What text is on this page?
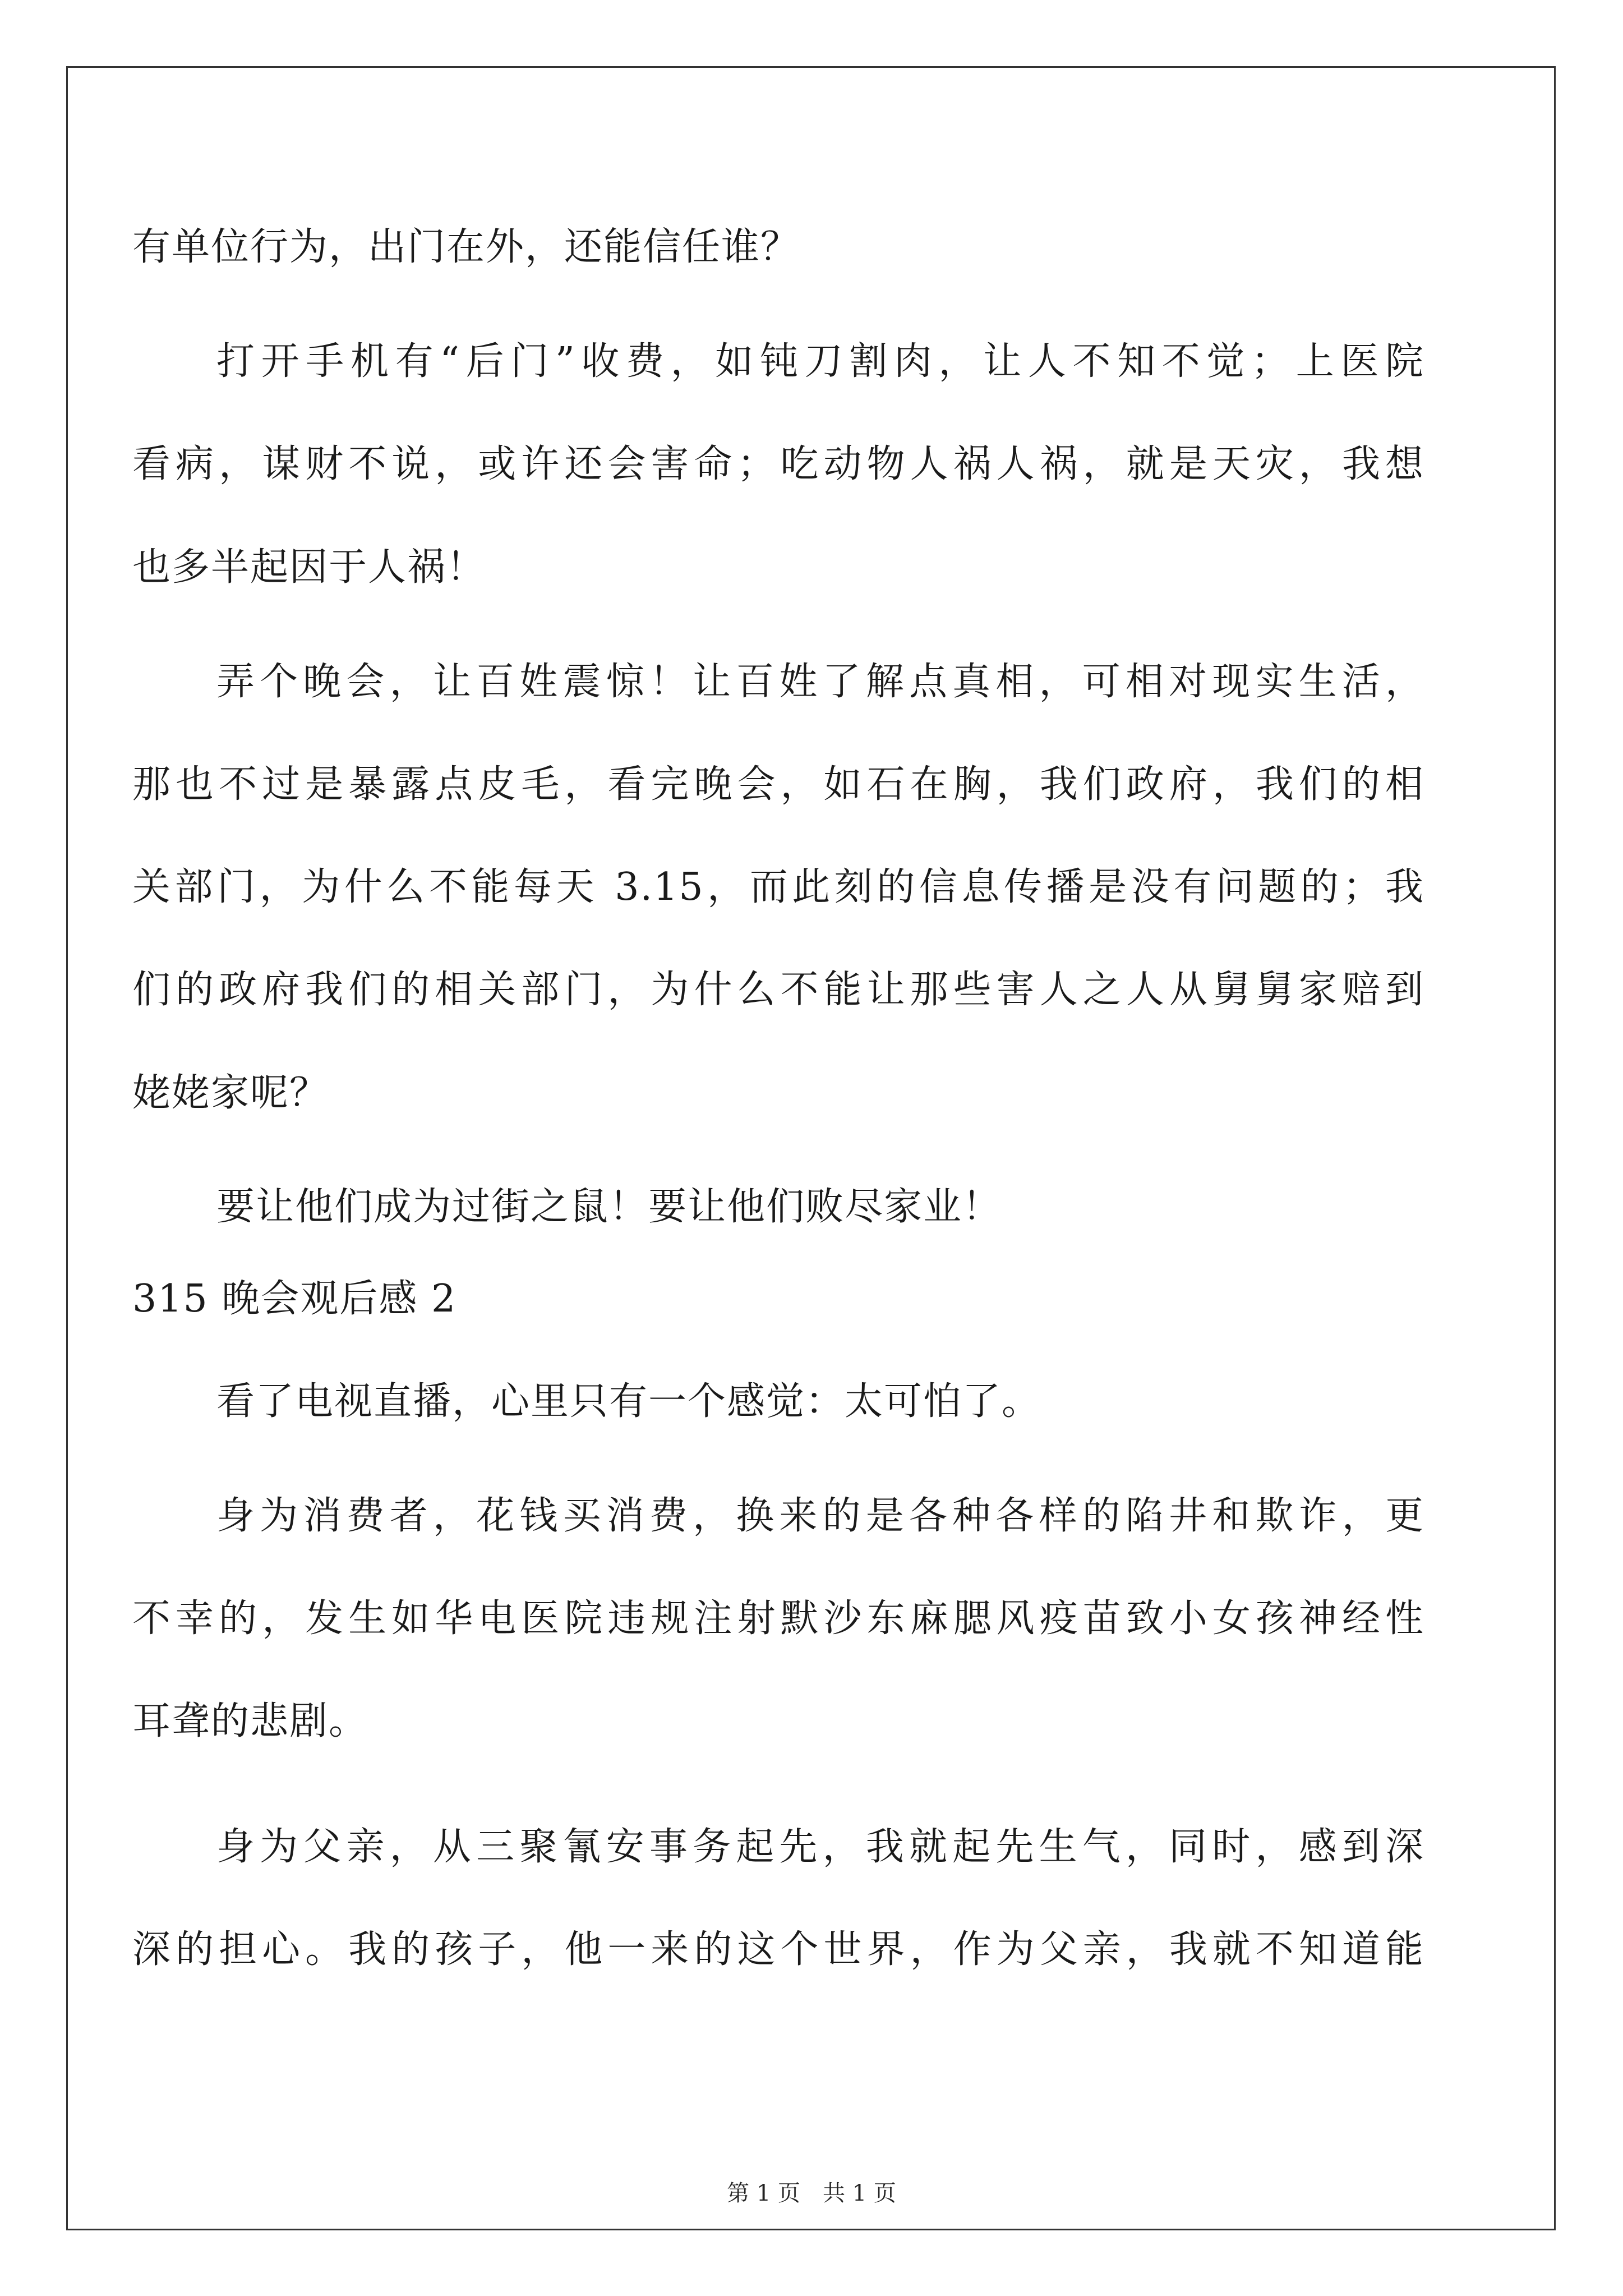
有单位行为，出门在外，还能信任谁？
打开手机有“后门”收费，如钝刀割肉，让人不知不觉；上医院
看病，谋财不说，或许还会害命；吃动物人祸人祸，就是天灾，我想
也多半起因于人祸！
弄个晚会，让百姓震惊！让百姓了解点真相，可相对现实生活，
那也不过是暴露点皮毛，看完晚会，如石在胸，我们政府，我们的相
关部门，为什么不能每天 3.15，而此刻的信息传播是没有问题的；我
们的政府我们的相关部门，为什么不能让那些害人之人从舅舅家赔到
姥姥家呢？
要让他们成为过街之鼠！要让他们败尽家业！
315 晚会观后感 2
看了电视直播，心里只有一个感觉：太可怕了。
身为消费者，花钱买消费，换来的是各种各样的陷井和欺诈，更
不幸的，发生如华电医院违规注射默沙东麻腮风疫苗致小女孩神经性
耳聋的悲剧。
身为父亲，从三聚氰安事务起先，我就起先生气，同时，感到深
深的担心。我的孩子，他一来的这个世界，作为父亲，我就不知道能
第 1 页 共 1 页
